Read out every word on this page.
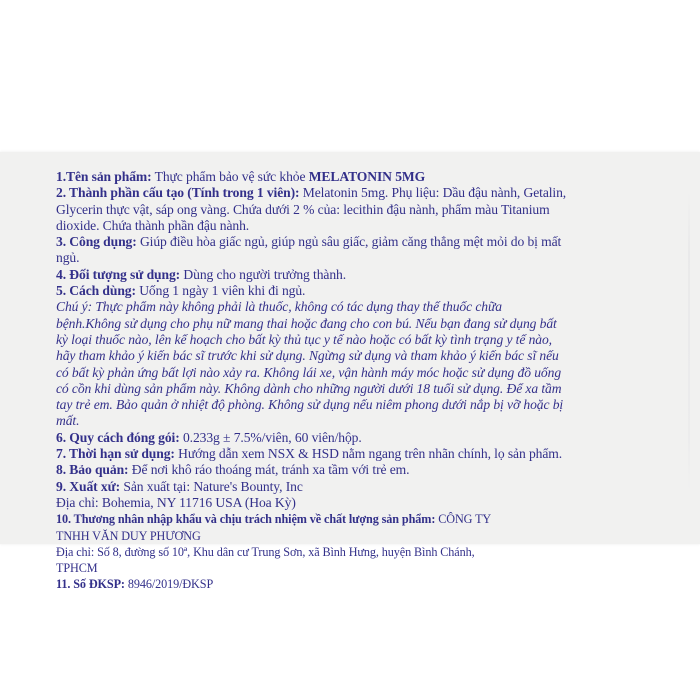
1.Tên sản phẩm: Thực phẩm bảo vệ sức khỏe MELATONIN 5MG
2. Thành phần cấu tạo (Tính trong 1 viên): Melatonin 5mg. Phụ liệu: Dầu đậu nành, Getalin,
Glycerin thực vật, sáp ong vàng. Chứa dưới 2 % của: lecithin đậu nành, phẩm màu Titanium
dioxide. Chứa thành phần đậu nành.
3. Công dụng: Giúp điều hòa giấc ngủ, giúp ngủ sâu giấc, giảm căng thẳng mệt mỏi do bị mất
ngủ.
4. Đối tượng sử dụng: Dùng cho người trưởng thành.
5. Cách dùng: Uống 1 ngày 1 viên khi đi ngủ.
Chú ý: Thực phẩm này không phải là thuốc, không có tác dụng thay thế thuốc chữa
bệnh.Không sử dụng cho phụ nữ mang thai hoặc đang cho con bú. Nếu bạn đang sử dụng bất
kỳ loại thuốc nào, lên kế hoạch cho bất kỳ thủ tục y tế nào hoặc có bất kỳ tình trạng y tế nào,
hãy tham khảo ý kiến bác sĩ trước khi sử dụng. Ngừng sử dụng và tham khảo ý kiến bác sĩ nếu
có bất kỳ phản ứng bất lợi nào xảy ra. Không lái xe, vận hành máy móc hoặc sử dụng đồ uống
có cồn khi dùng sản phẩm này. Không dành cho những người dưới 18 tuổi sử dụng. Để xa tầm
tay trẻ em. Bảo quản ở nhiệt độ phòng. Không sử dụng nếu niêm phong dưới nắp bị vỡ hoặc bị
mất.
6. Quy cách đóng gói: 0.233g ± 7.5%/viên, 60 viên/hộp.
7. Thời hạn sử dụng: Hướng dẫn xem NSX & HSD nằm ngang trên nhãn chính, lọ sản phẩm.
8. Bảo quản: Để nơi khô ráo thoáng mát, tránh xa tầm với trẻ em.
9. Xuất xứ: Sản xuất tại: Nature's Bounty, Inc
Địa chỉ: Bohemia, NY 11716 USA (Hoa Kỳ)
10. Thương nhân nhập khẩu và chịu trách nhiệm về chất lượng sản phẩm: CÔNG TY
TNHH VĂN DUY PHƯƠNG
Địa chỉ: Số 8, đường số 10ª, Khu dân cư Trung Sơn, xã Bình Hưng, huyện Bình Chánh,
TPHCM
11. Số ĐKSP: 8946/2019/ĐKSP
